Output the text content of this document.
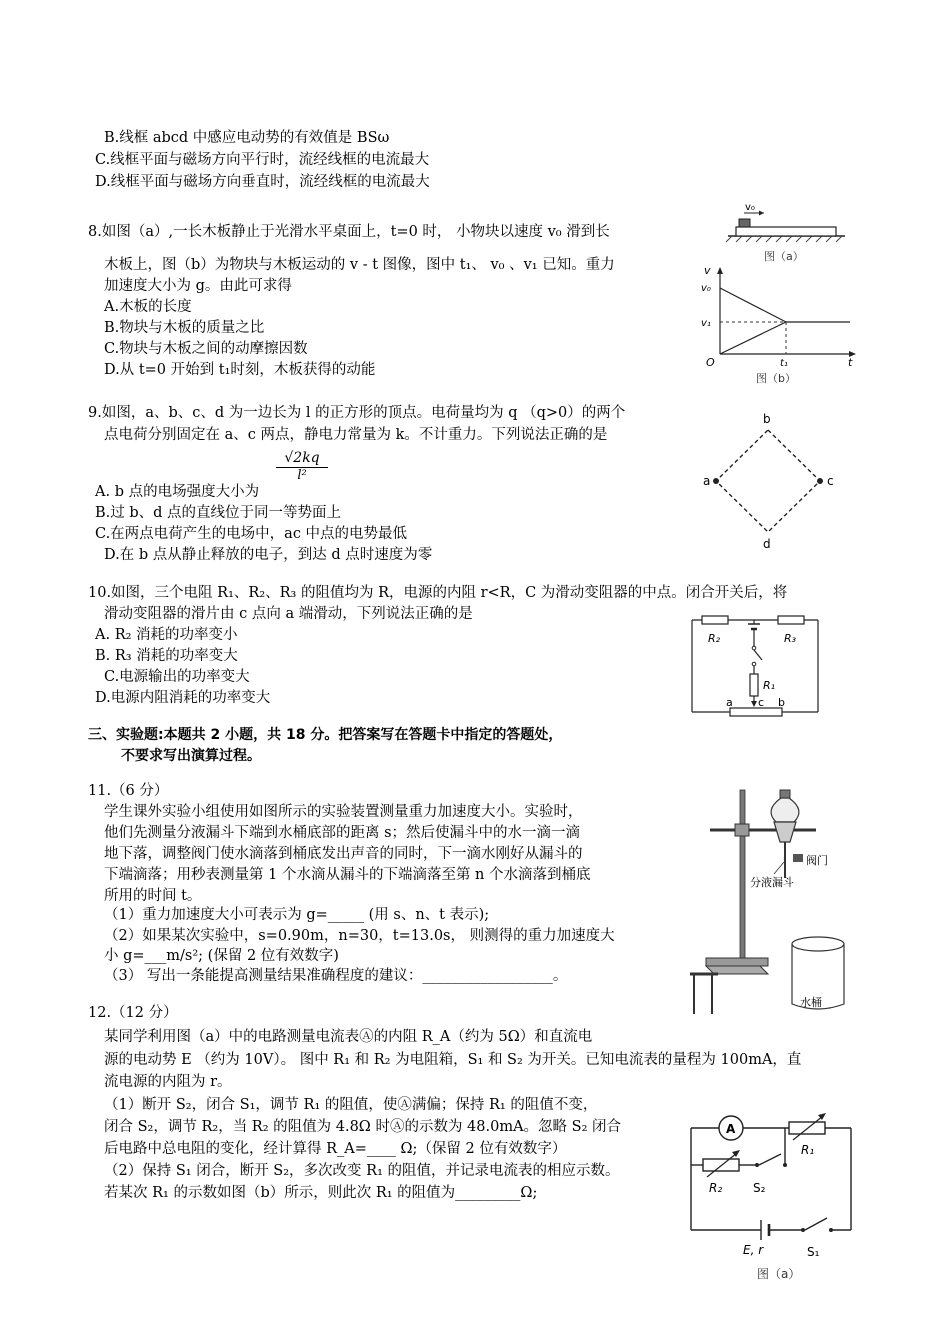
B.线框 abcd 中感应电动势的有效值是 BSω
C.线框平面与磁场方向平行时，流经线框的电流最大
D.线框平面与磁场方向垂直时，流经线框的电流最大
8.如图（a）,一长木板静止于光滑水平桌面上，t=0 时， 小物块以速度 v₀ 滑到长
木板上，图（b）为物块与木板运动的 v - t 图像，图中 t₁、 v₀ 、v₁ 已知。重力
加速度大小为 g。由此可求得
A.木板的长度
B.物块与木板的质量之比
C.物块与木板之间的动摩擦因数
D.从 t=0 开始到 t₁时刻，木板获得的动能
v₀
图（a）
v
v₀
v₁
O	t₁	t
图（b）
9.如图，a、b、c、d 为一边长为 l 的正方形的顶点。电荷量均为 q （q>0）的两个
点电荷分别固定在 a、c 两点，静电力常量为 k。不计重力。下列说法正确的是
$\frac{√2kq}{\text{l²}}$
A. b 点的电场强度大小为
B.过 b、d 点的直线位于同一等势面上
C.在两点电荷产生的电场中，ac 中点的电势最低
D.在 b 点从静止释放的电子，到达 d 点时速度为零
b
a	c
d
10.如图，三个电阻 R₁、R₂、R₃ 的阻值均为 R，电源的内阻 r<R，C 为滑动变阻器的中点。闭合开关后，将
滑动变阻器的滑片由 c 点向 a 端滑动，下列说法正确的是
A. R₂ 消耗的功率变小
B. R₃ 消耗的功率变大
C.电源输出的功率变大
D.电源内阻消耗的功率变大
R₂	R₃
R₁
a c b
三、实验题:本题共 2 小题，共 18 分。把答案写在答题卡中指定的答题处，
不要求写出演算过程。
11.（6 分）
学生课外实验小组使用如图所示的实验装置测量重力加速度大小。实验时，
他们先测量分液漏斗下端到水桶底部的距离 s；然后使漏斗中的水一滴一滴
地下落，调整阀门使水滴落到桶底发出声音的同时，下一滴水刚好从漏斗的
下端滴落；用秒表测量第 1 个水滴从漏斗的下端滴落至第 n 个水滴落到桶底
所用的时间 t。
（1）重力加速度大小可表示为 g=_____ (用 s、n、t 表示);
（2）如果某次实验中，s=0.90m，n=30，t=13.0s， 则测得的重力加速度大
小 g=___m/s²; (保留 2 位有效数字)
（3） 写出一条能提高测量结果准确程度的建议：__________________。
阀门
分液漏斗
水桶
12.（12 分）
某同学利用图（a）中的电路测量电流表Ⓐ的内阻 R_A（约为 5Ω）和直流电
源的电动势 E （约为 10V）。 图中 R₁ 和 R₂ 为电阻箱，S₁ 和 S₂ 为开关。已知电流表的量程为 100mA，直
流电源的内阻为 r。
（1）断开 S₂，闭合 S₁，调节 R₁ 的阻值，使Ⓐ满偏；保持 R₁ 的阻值不变，
闭合 S₂，调节 R₂，当 R₂ 的阻值为 4.8Ω 时Ⓐ的示数为 48.0mA。忽略 S₂ 闭合
后电路中总电阻的变化，经计算得 R_A=____ Ω;（保留 2 位有效数字）
（2）保持 S₁ 闭合，断开 S₂，多次改变 R₁ 的阻值，并记录电流表的相应示数。
若某次 R₁ 的示数如图（b）所示，则此次 R₁ 的阻值为_________Ω;
A
R₁
R₂	S₂
E, r	S₁
图（a）
